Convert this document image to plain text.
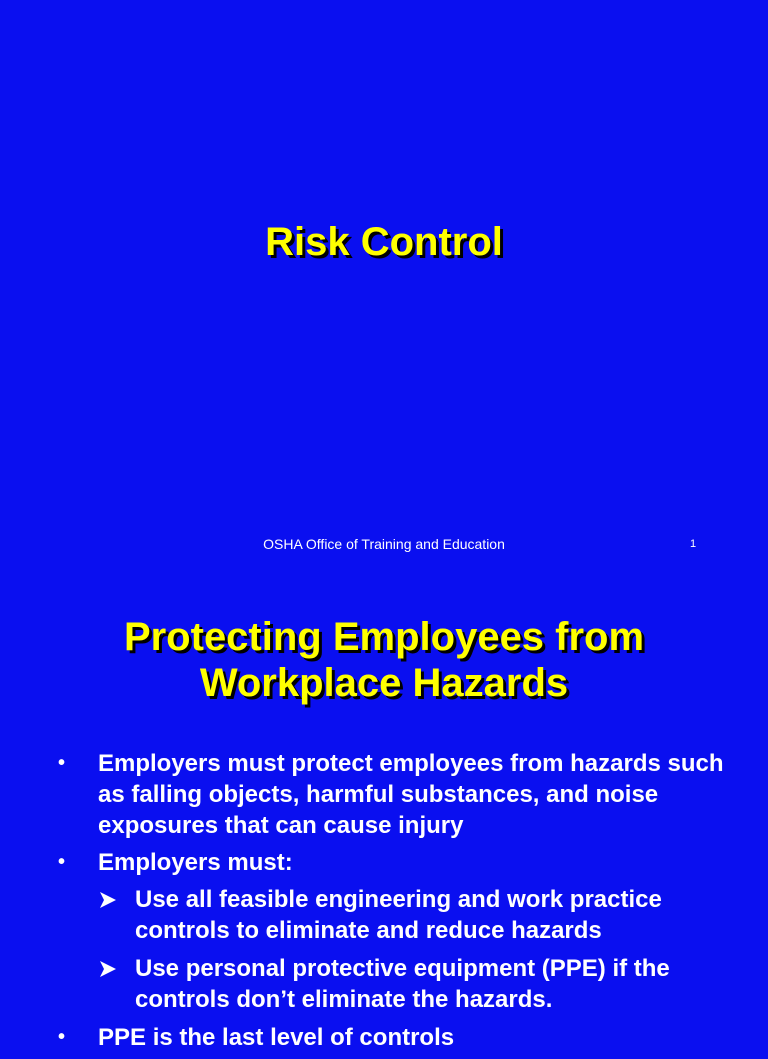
Risk Control
OSHA Office of Training and Education	1
Protecting Employees from
Workplace Hazards
• Employers must protect employees from hazards such as falling objects, harmful substances, and noise exposures that can cause injury
• Employers must:
Use all feasible engineering and work practice controls to eliminate and reduce hazards
Use personal protective equipment (PPE) if the controls don’t eliminate the hazards.
• PPE is the last level of controls
